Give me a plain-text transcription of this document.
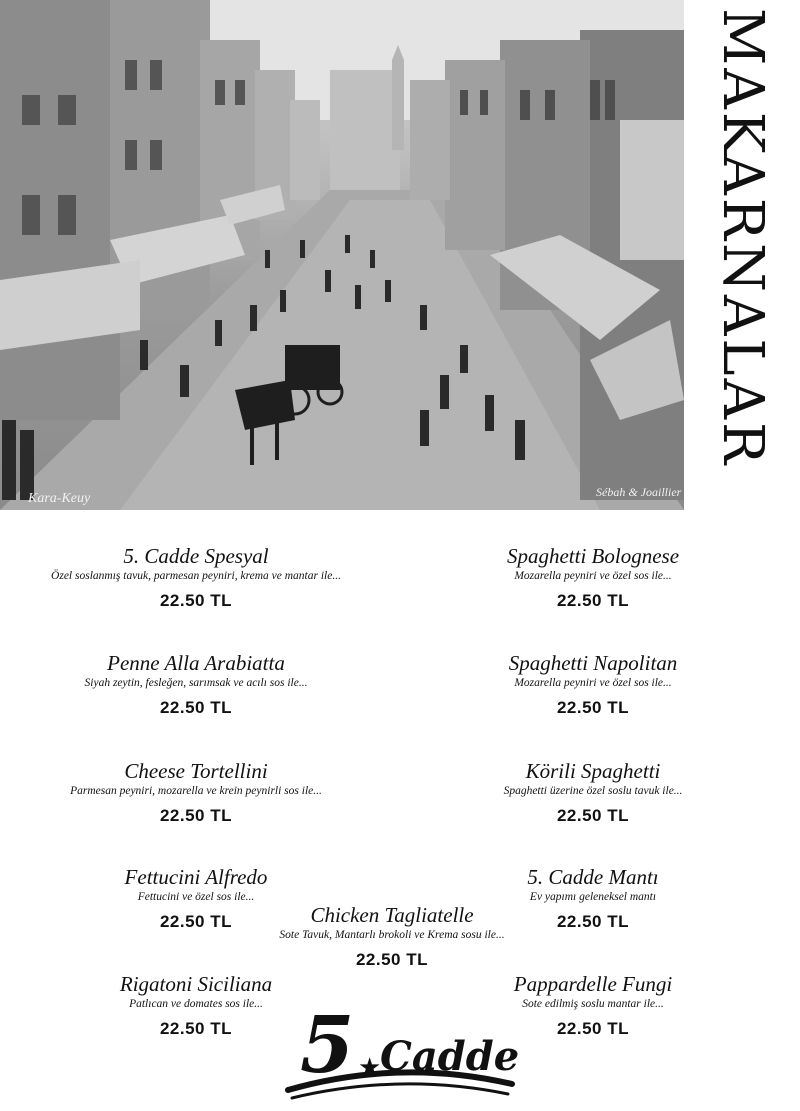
Kara-Keuy	Sébah & Joaillier
MAKARNALAR
5. Cadde Spesyal
Özel soslanmış tavuk, parmesan peyniri, krema ve mantar ile...
22.50 TL
Spaghetti Bolognese
Mozarella peyniri ve özel sos ile...
22.50 TL
Penne Alla Arabiatta
Siyah zeytin, fesleğen, sarımsak ve acılı sos ile...
22.50 TL
Spaghetti Napolitan
Mozarella peyniri ve özel sos ile...
22.50 TL
Cheese Tortellini
Parmesan peyniri, mozarella ve krein peynirli sos ile...
22.50 TL
Körili Spaghetti
Spaghetti üzerine özel soslu tavuk ile...
22.50 TL
Fettucini Alfredo
Fettucini ve özel sos ile...
22.50 TL
5. Cadde Mantı
Ev yapımı geleneksel mantı
22.50 TL
Chicken Tagliatelle
Sote Tavuk, Mantarlı brokoli ve Krema sosu ile...
22.50 TL
Rigatoni Siciliana
Patlıcan ve domates sos ile...
22.50 TL
Pappardelle Fungi
Sote edilmiş soslu mantar ile...
22.50 TL
5 ★
Cadde
